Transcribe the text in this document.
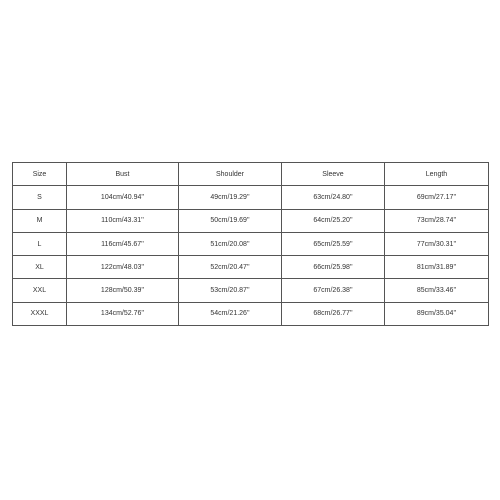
Size	Bust	Shoulder	Sleeve	Length
S	104cm/40.94''	49cm/19.29''	63cm/24.80''	69cm/27.17''
M	110cm/43.31''	50cm/19.69''	64cm/25.20''	73cm/28.74''
L	116cm/45.67''	51cm/20.08''	65cm/25.59''	77cm/30.31''
XL	122cm/48.03''	52cm/20.47''	66cm/25.98''	81cm/31.89''
XXL	128cm/50.39''	53cm/20.87''	67cm/26.38''	85cm/33.46''
XXXL	134cm/52.76''	54cm/21.26''	68cm/26.77''	89cm/35.04''
